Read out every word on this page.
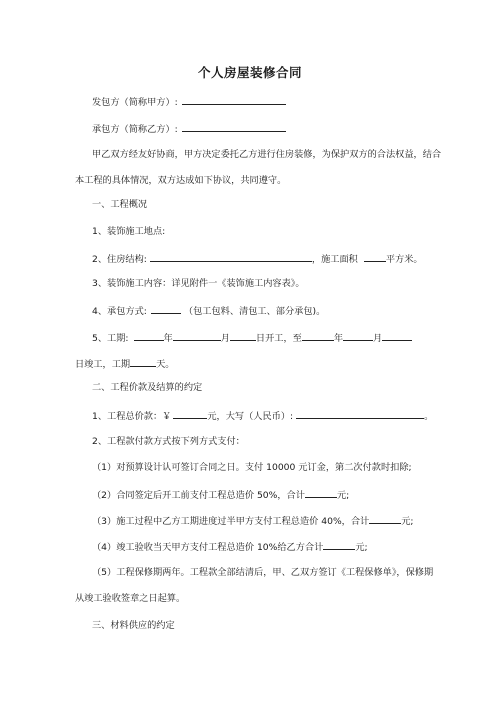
个人房屋装修合同
发包方（简称甲方）:
承包方（简称乙方）:
甲乙双方经友好协商，甲方决定委托乙方进行住房装修，为保护双方的合法权益，结合
本工程的具体情况，双方达成如下协议，共同遵守。
一、工程概况
1、装饰施工地点:
2、住房结构:	，施工面积	平方米。
3、装饰施工内容：详见附件一《装饰施工内容表》。
4、承包方式:	（包工包料、清包工、部分承包)。
5、工期:	年	月	日开工，至	年	月
日竣工，工期	天。
二、工程价款及结算的约定
1、工程总价款：￥	元，大写（人民币）:	。
2、工程款付款方式按下列方式支付：
（1）对预算设计认可签订合同之日。支付 10000 元订金，第二次付款时扣除;
（2）合同签定后开工前支付工程总造价 50%，合计	元;
（3）施工过程中乙方工期进度过半甲方支付工程总造价 40%，合计	元;
（4）竣工验收当天甲方支付工程总造价 10%给乙方合计	元;
（5）工程保修期两年。工程款全部结清后，甲、乙双方签订《工程保修单》，保修期
从竣工验收签章之日起算。
三、材料供应的约定
